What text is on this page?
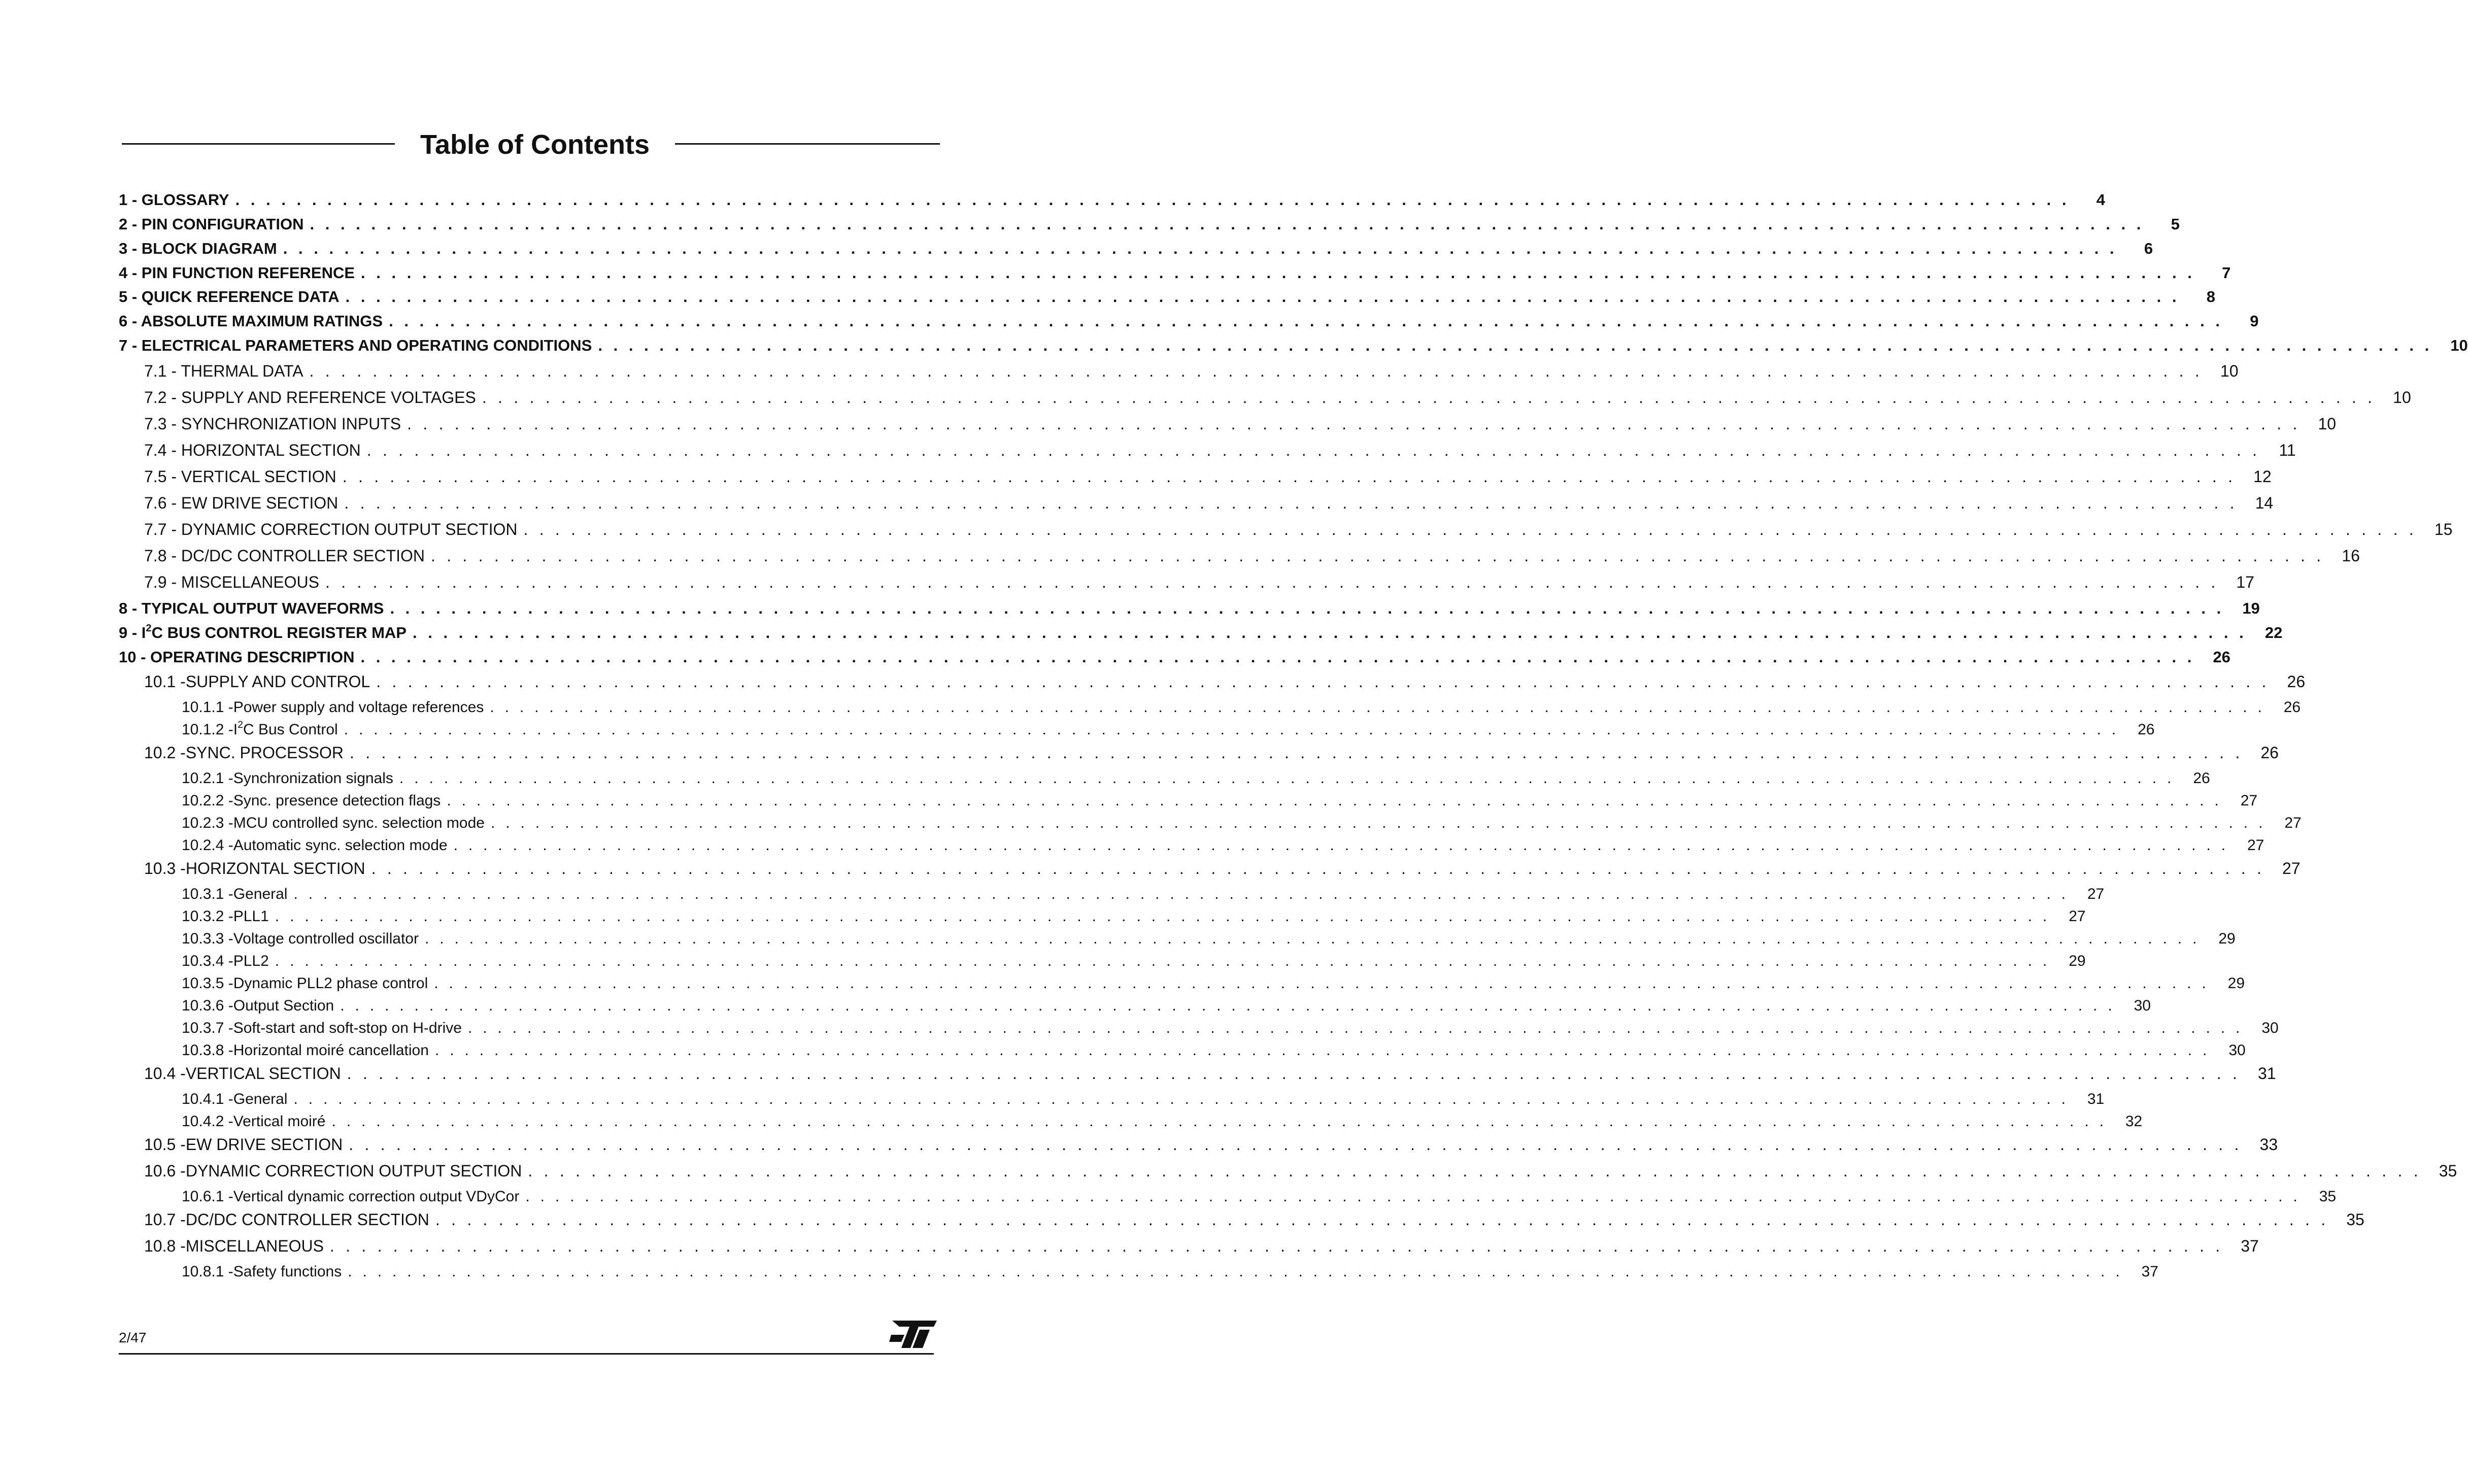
Table of Contents
1 - GLOSSARY . . . . . . . . . . . . . . . . . . . . . . . . . . . . . . . . . . . . . . . . . . . . . . . . . . . . . . . . . . . . . . . . . . . . . . . . . . . . . . . . . . . . . . . . . . . . . . . . . . . . . . . . . . . . . . . . . . . . . . . .	4
2 - PIN CONFIGURATION . . . . . . . . . . . . . . . . . . . . . . . . . . . . . . . . . . . . . . . . . . . . . . . . . . . . . . . . . . . . . . . . . . . . . . . . . . . . . . . . . . . . . . . . . . . . . . . . . . . . . . . . . . . . . . . . . . . . . . . .	5
3 - BLOCK DIAGRAM . . . . . . . . . . . . . . . . . . . . . . . . . . . . . . . . . . . . . . . . . . . . . . . . . . . . . . . . . . . . . . . . . . . . . . . . . . . . . . . . . . . . . . . . . . . . . . . . . . . . . . . . . . . . . . . . . . . . . . . .	6
4 - PIN FUNCTION REFERENCE . . . . . . . . . . . . . . . . . . . . . . . . . . . . . . . . . . . . . . . . . . . . . . . . . . . . . . . . . . . . . . . . . . . . . . . . . . . . . . . . . . . . . . . . . . . . . . . . . . . . . . . . . . . . . . . . . . . . . . . .	7
5 - QUICK REFERENCE DATA . . . . . . . . . . . . . . . . . . . . . . . . . . . . . . . . . . . . . . . . . . . . . . . . . . . . . . . . . . . . . . . . . . . . . . . . . . . . . . . . . . . . . . . . . . . . . . . . . . . . . . . . . . . . . . . . . . . . . . . .	8
6 - ABSOLUTE MAXIMUM RATINGS . . . . . . . . . . . . . . . . . . . . . . . . . . . . . . . . . . . . . . . . . . . . . . . . . . . . . . . . . . . . . . . . . . . . . . . . . . . . . . . . . . . . . . . . . . . . . . . . . . . . . . . . . . . . . . . . . . . . . . . .	9
7 - ELECTRICAL PARAMETERS AND OPERATING CONDITIONS . . . . . . . . . . . . . . . . . . . . . . . . . . . . . . . . . . . . . . . . . . . . . . . . . . . . . . . . . . . . . . . . . . . . . . . . . . . . . . . . . . . . . . . . . . . . . . . . . . . . . . . . . . . . . . . . . . . . . . . .	10
7.1 - THERMAL DATA . . . . . . . . . . . . . . . . . . . . . . . . . . . . . . . . . . . . . . . . . . . . . . . . . . . . . . . . . . . . . . . . . . . . . . . . . . . . . . . . . . . . . . . . . . . . . . . . . . . . . . . . . . . . . . . . . . . . . . . .	10
7.2 - SUPPLY AND REFERENCE VOLTAGES . . . . . . . . . . . . . . . . . . . . . . . . . . . . . . . . . . . . . . . . . . . . . . . . . . . . . . . . . . . . . . . . . . . . . . . . . . . . . . . . . . . . . . . . . . . . . . . . . . . . . . . . . . . . . . . . . . . . . . . .	10
7.3 - SYNCHRONIZATION INPUTS . . . . . . . . . . . . . . . . . . . . . . . . . . . . . . . . . . . . . . . . . . . . . . . . . . . . . . . . . . . . . . . . . . . . . . . . . . . . . . . . . . . . . . . . . . . . . . . . . . . . . . . . . . . . . . . . . . . . . . . .	10
7.4 - HORIZONTAL SECTION . . . . . . . . . . . . . . . . . . . . . . . . . . . . . . . . . . . . . . . . . . . . . . . . . . . . . . . . . . . . . . . . . . . . . . . . . . . . . . . . . . . . . . . . . . . . . . . . . . . . . . . . . . . . . . . . . . . . . . . .	11
7.5 - VERTICAL SECTION . . . . . . . . . . . . . . . . . . . . . . . . . . . . . . . . . . . . . . . . . . . . . . . . . . . . . . . . . . . . . . . . . . . . . . . . . . . . . . . . . . . . . . . . . . . . . . . . . . . . . . . . . . . . . . . . . . . . . . . .	12
7.6 - EW DRIVE SECTION . . . . . . . . . . . . . . . . . . . . . . . . . . . . . . . . . . . . . . . . . . . . . . . . . . . . . . . . . . . . . . . . . . . . . . . . . . . . . . . . . . . . . . . . . . . . . . . . . . . . . . . . . . . . . . . . . . . . . . . .	14
7.7 - DYNAMIC CORRECTION OUTPUT SECTION . . . . . . . . . . . . . . . . . . . . . . . . . . . . . . . . . . . . . . . . . . . . . . . . . . . . . . . . . . . . . . . . . . . . . . . . . . . . . . . . . . . . . . . . . . . . . . . . . . . . . . . . . . . . . . . . . . . . . . . .	15
7.8 - DC/DC CONTROLLER SECTION . . . . . . . . . . . . . . . . . . . . . . . . . . . . . . . . . . . . . . . . . . . . . . . . . . . . . . . . . . . . . . . . . . . . . . . . . . . . . . . . . . . . . . . . . . . . . . . . . . . . . . . . . . . . . . . . . . . . . . . .	16
7.9 - MISCELLANEOUS . . . . . . . . . . . . . . . . . . . . . . . . . . . . . . . . . . . . . . . . . . . . . . . . . . . . . . . . . . . . . . . . . . . . . . . . . . . . . . . . . . . . . . . . . . . . . . . . . . . . . . . . . . . . . . . . . . . . . . . .	17
8 - TYPICAL OUTPUT WAVEFORMS . . . . . . . . . . . . . . . . . . . . . . . . . . . . . . . . . . . . . . . . . . . . . . . . . . . . . . . . . . . . . . . . . . . . . . . . . . . . . . . . . . . . . . . . . . . . . . . . . . . . . . . . . . . . . . . . . . . . . . . .	19
$9 - I^2C$ BUS CONTROL REGISTER MAP . . . . . . . . . . . . . . . . . . . . . . . . . . . . . . . . . . . . . . . . . . . . . . . . . . . . . . . . . . . . . . . . . . . . . . . . . . . . . . . . . . . . . . . . . . . . . . . . . . . . . . . . . . . . . . . . . . . . . . . .	22
10 - OPERATING DESCRIPTION . . . . . . . . . . . . . . . . . . . . . . . . . . . . . . . . . . . . . . . . . . . . . . . . . . . . . . . . . . . . . . . . . . . . . . . . . . . . . . . . . . . . . . . . . . . . . . . . . . . . . . . . . . . . . . . . . . . . . . . .	26
10.1 -SUPPLY AND CONTROL . . . . . . . . . . . . . . . . . . . . . . . . . . . . . . . . . . . . . . . . . . . . . . . . . . . . . . . . . . . . . . . . . . . . . . . . . . . . . . . . . . . . . . . . . . . . . . . . . . . . . . . . . . . . . . . . . . . . . . . .	26
10.1.1 -Power supply and voltage references . . . . . . . . . . . . . . . . . . . . . . . . . . . . . . . . . . . . . . . . . . . . . . . . . . . . . . . . . . . . . . . . . . . . . . . . . . . . . . . . . . . . . . . . . . . . . . . . . . . . . . . . . . . . . . . . . . . . . . . .	26
10.1.2 $-I^2C$ Bus Control . . . . . . . . . . . . . . . . . . . . . . . . . . . . . . . . . . . . . . . . . . . . . . . . . . . . . . . . . . . . . . . . . . . . . . . . . . . . . . . . . . . . . . . . . . . . . . . . . . . . . . . . . . . . . . . . . . . . . . . .	26
10.2 -SYNC. PROCESSOR . . . . . . . . . . . . . . . . . . . . . . . . . . . . . . . . . . . . . . . . . . . . . . . . . . . . . . . . . . . . . . . . . . . . . . . . . . . . . . . . . . . . . . . . . . . . . . . . . . . . . . . . . . . . . . . . . . . . . . . .	26
10.2.1 -Synchronization signals . . . . . . . . . . . . . . . . . . . . . . . . . . . . . . . . . . . . . . . . . . . . . . . . . . . . . . . . . . . . . . . . . . . . . . . . . . . . . . . . . . . . . . . . . . . . . . . . . . . . . . . . . . . . . . . . . . . . . . . .	26
10.2.2 -Sync. presence detection flags . . . . . . . . . . . . . . . . . . . . . . . . . . . . . . . . . . . . . . . . . . . . . . . . . . . . . . . . . . . . . . . . . . . . . . . . . . . . . . . . . . . . . . . . . . . . . . . . . . . . . . . . . . . . . . . . . . . . . . . .	27
10.2.3 -MCU controlled sync. selection mode . . . . . . . . . . . . . . . . . . . . . . . . . . . . . . . . . . . . . . . . . . . . . . . . . . . . . . . . . . . . . . . . . . . . . . . . . . . . . . . . . . . . . . . . . . . . . . . . . . . . . . . . . . . . . . . . . . . . . . . .	27
10.2.4 -Automatic sync. selection mode . . . . . . . . . . . . . . . . . . . . . . . . . . . . . . . . . . . . . . . . . . . . . . . . . . . . . . . . . . . . . . . . . . . . . . . . . . . . . . . . . . . . . . . . . . . . . . . . . . . . . . . . . . . . . . . . . . . . . . . .	27
10.3 -HORIZONTAL SECTION . . . . . . . . . . . . . . . . . . . . . . . . . . . . . . . . . . . . . . . . . . . . . . . . . . . . . . . . . . . . . . . . . . . . . . . . . . . . . . . . . . . . . . . . . . . . . . . . . . . . . . . . . . . . . . . . . . . . . . . .	27
10.3.1 -General . . . . . . . . . . . . . . . . . . . . . . . . . . . . . . . . . . . . . . . . . . . . . . . . . . . . . . . . . . . . . . . . . . . . . . . . . . . . . . . . . . . . . . . . . . . . . . . . . . . . . . . . . . . . . . . . . . . . . . . .	27
10.3.2 -PLL1 . . . . . . . . . . . . . . . . . . . . . . . . . . . . . . . . . . . . . . . . . . . . . . . . . . . . . . . . . . . . . . . . . . . . . . . . . . . . . . . . . . . . . . . . . . . . . . . . . . . . . . . . . . . . . . . . . . . . . . . .	27
10.3.3 -Voltage controlled oscillator . . . . . . . . . . . . . . . . . . . . . . . . . . . . . . . . . . . . . . . . . . . . . . . . . . . . . . . . . . . . . . . . . . . . . . . . . . . . . . . . . . . . . . . . . . . . . . . . . . . . . . . . . . . . . . . . . . . . . . . .	29
10.3.4 -PLL2 . . . . . . . . . . . . . . . . . . . . . . . . . . . . . . . . . . . . . . . . . . . . . . . . . . . . . . . . . . . . . . . . . . . . . . . . . . . . . . . . . . . . . . . . . . . . . . . . . . . . . . . . . . . . . . . . . . . . . . . .	29
10.3.5 -Dynamic PLL2 phase control . . . . . . . . . . . . . . . . . . . . . . . . . . . . . . . . . . . . . . . . . . . . . . . . . . . . . . . . . . . . . . . . . . . . . . . . . . . . . . . . . . . . . . . . . . . . . . . . . . . . . . . . . . . . . . . . . . . . . . . .	29
10.3.6 -Output Section . . . . . . . . . . . . . . . . . . . . . . . . . . . . . . . . . . . . . . . . . . . . . . . . . . . . . . . . . . . . . . . . . . . . . . . . . . . . . . . . . . . . . . . . . . . . . . . . . . . . . . . . . . . . . . . . . . . . . . . .	30
10.3.7 -Soft-start and soft-stop on H-drive . . . . . . . . . . . . . . . . . . . . . . . . . . . . . . . . . . . . . . . . . . . . . . . . . . . . . . . . . . . . . . . . . . . . . . . . . . . . . . . . . . . . . . . . . . . . . . . . . . . . . . . . . . . . . . . . . . . . . . . .	30
10.3.8 -Horizontal moiré cancellation . . . . . . . . . . . . . . . . . . . . . . . . . . . . . . . . . . . . . . . . . . . . . . . . . . . . . . . . . . . . . . . . . . . . . . . . . . . . . . . . . . . . . . . . . . . . . . . . . . . . . . . . . . . . . . . . . . . . . . . .	30
10.4 -VERTICAL SECTION . . . . . . . . . . . . . . . . . . . . . . . . . . . . . . . . . . . . . . . . . . . . . . . . . . . . . . . . . . . . . . . . . . . . . . . . . . . . . . . . . . . . . . . . . . . . . . . . . . . . . . . . . . . . . . . . . . . . . . . .	31
10.4.1 -General . . . . . . . . . . . . . . . . . . . . . . . . . . . . . . . . . . . . . . . . . . . . . . . . . . . . . . . . . . . . . . . . . . . . . . . . . . . . . . . . . . . . . . . . . . . . . . . . . . . . . . . . . . . . . . . . . . . . . . . .	31
10.4.2 -Vertical moiré . . . . . . . . . . . . . . . . . . . . . . . . . . . . . . . . . . . . . . . . . . . . . . . . . . . . . . . . . . . . . . . . . . . . . . . . . . . . . . . . . . . . . . . . . . . . . . . . . . . . . . . . . . . . . . . . . . . . . . . .	32
10.5 -EW DRIVE SECTION . . . . . . . . . . . . . . . . . . . . . . . . . . . . . . . . . . . . . . . . . . . . . . . . . . . . . . . . . . . . . . . . . . . . . . . . . . . . . . . . . . . . . . . . . . . . . . . . . . . . . . . . . . . . . . . . . . . . . . . .	33
10.6 -DYNAMIC CORRECTION OUTPUT SECTION . . . . . . . . . . . . . . . . . . . . . . . . . . . . . . . . . . . . . . . . . . . . . . . . . . . . . . . . . . . . . . . . . . . . . . . . . . . . . . . . . . . . . . . . . . . . . . . . . . . . . . . . . . . . . . . . . . . . . . . .	35
10.6.1 -Vertical dynamic correction output VDyCor . . . . . . . . . . . . . . . . . . . . . . . . . . . . . . . . . . . . . . . . . . . . . . . . . . . . . . . . . . . . . . . . . . . . . . . . . . . . . . . . . . . . . . . . . . . . . . . . . . . . . . . . . . . . . . . . . . . . . . . .	35
10.7 -DC/DC CONTROLLER SECTION . . . . . . . . . . . . . . . . . . . . . . . . . . . . . . . . . . . . . . . . . . . . . . . . . . . . . . . . . . . . . . . . . . . . . . . . . . . . . . . . . . . . . . . . . . . . . . . . . . . . . . . . . . . . . . . . . . . . . . . .	35
10.8 -MISCELLANEOUS . . . . . . . . . . . . . . . . . . . . . . . . . . . . . . . . . . . . . . . . . . . . . . . . . . . . . . . . . . . . . . . . . . . . . . . . . . . . . . . . . . . . . . . . . . . . . . . . . . . . . . . . . . . . . . . . . . . . . . . .	37
10.8.1 -Safety functions . . . . . . . . . . . . . . . . . . . . . . . . . . . . . . . . . . . . . . . . . . . . . . . . . . . . . . . . . . . . . . . . . . . . . . . . . . . . . . . . . . . . . . . . . . . . . . . . . . . . . . . . . . . . . . . . . . . . . . . .	37
2/47
